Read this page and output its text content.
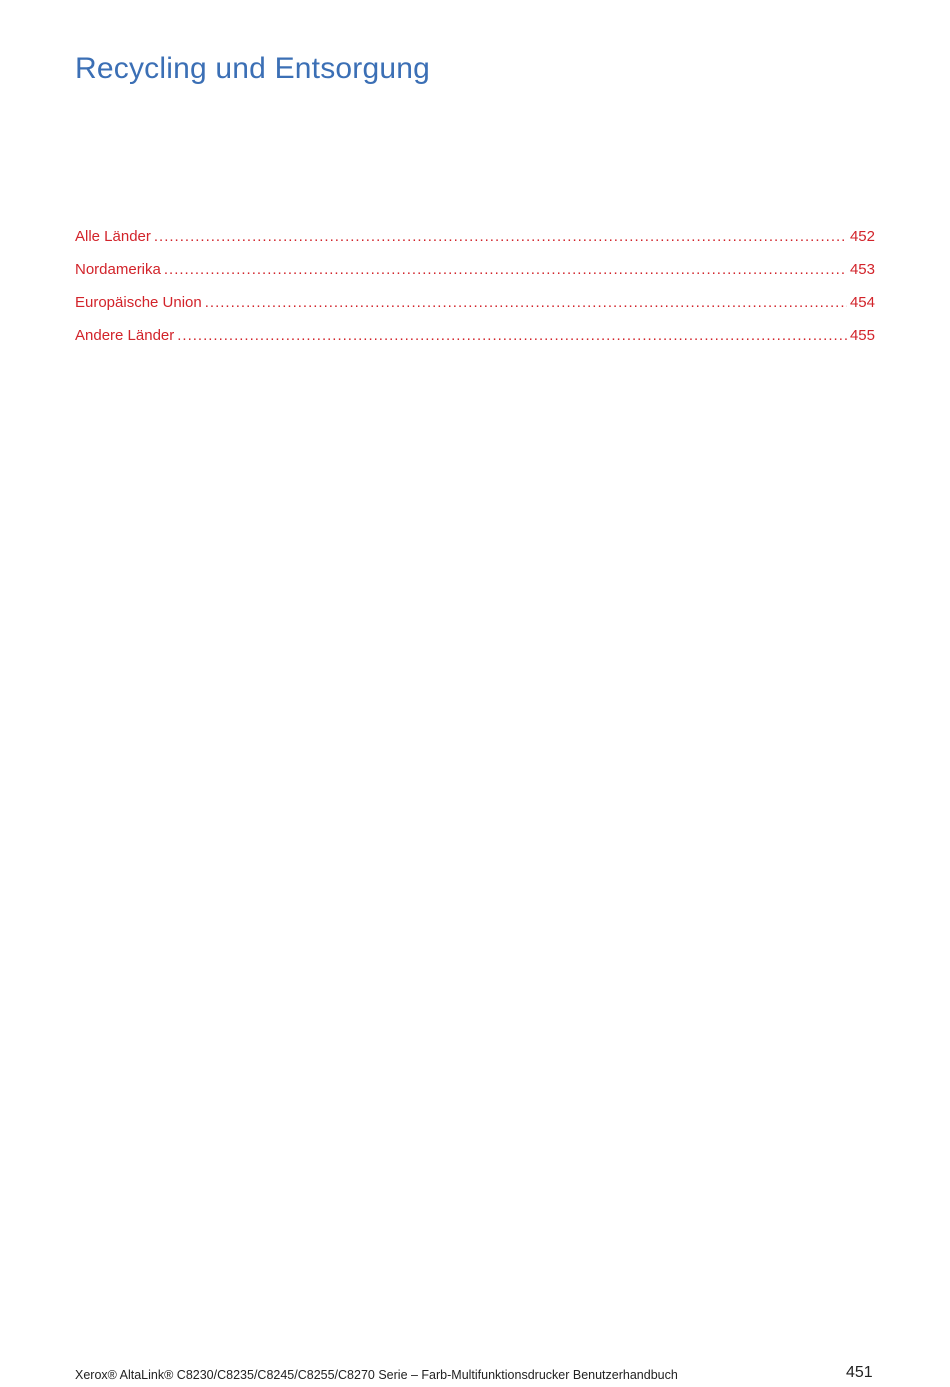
Recycling und Entsorgung
Alle Länder .....	452
Nordamerika .....	453
Europäische Union .....	454
Andere Länder .....	455
Xerox® AltaLink® C8230/C8235/C8245/C8255/C8270 Serie – Farb-Multifunktionsdrucker Benutzerhandbuch	451
